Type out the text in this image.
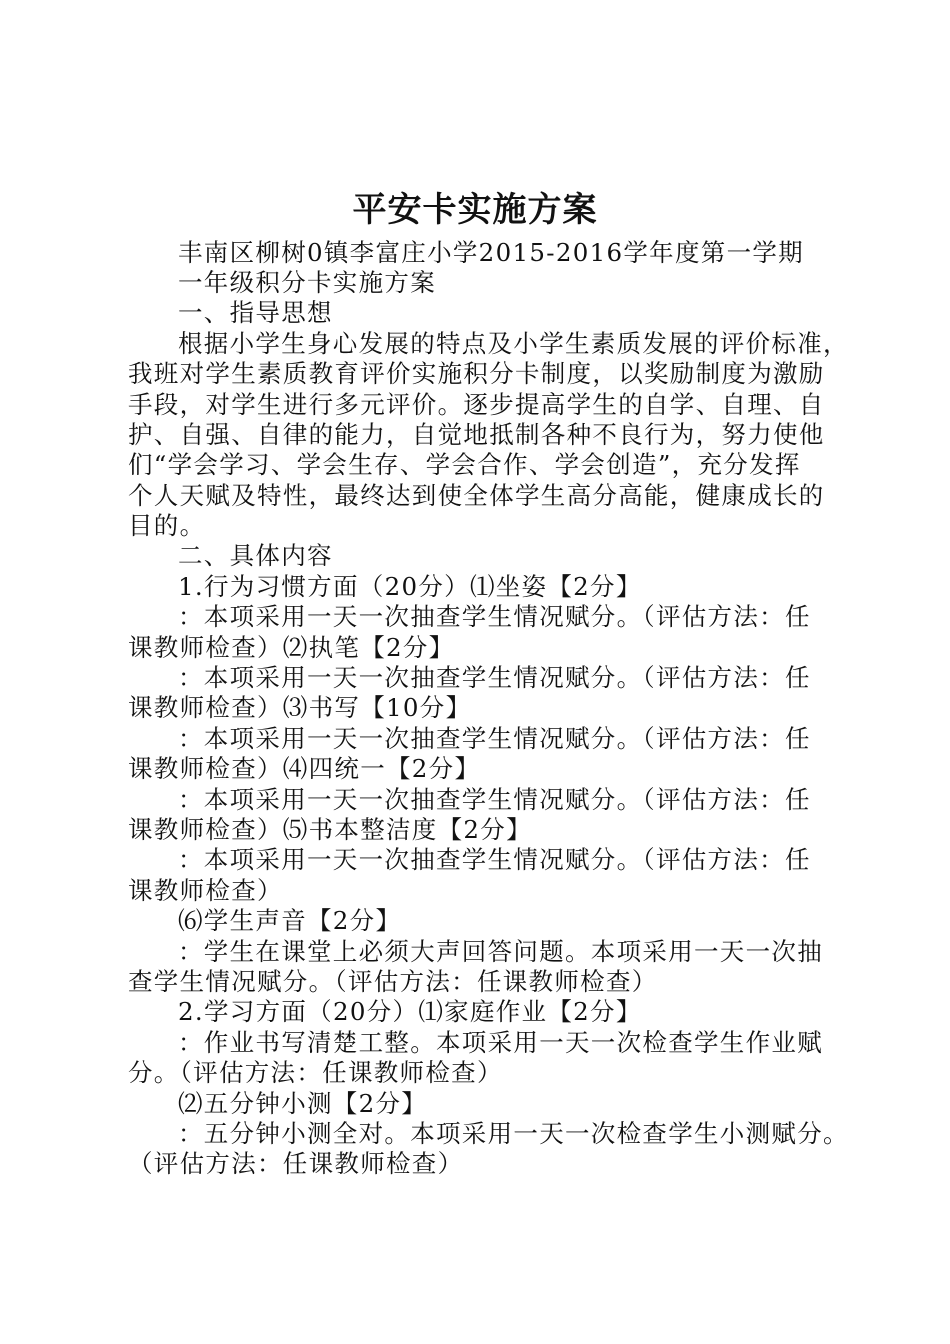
平安卡实施方案
丰南区柳树0镇李富庄小学2015-2016学年度第一学期
一年级积分卡实施方案
一、指导思想
根据小学生身心发展的特点及小学生素质发展的评价标准，
我班对学生素质教育评价实施积分卡制度，以奖励制度为激励
手段，对学生进行多元评价。逐步提高学生的自学、自理、自
护、自强、自律的能力，自觉地抵制各种不良行为，努力使他
们“学会学习、学会生存、学会合作、学会创造”，充分发挥
个人天赋及特性，最终达到使全体学生高分高能，健康成长的
目的。
二、具体内容
1.行为习惯方面（20分）⑴坐姿【2分】
：本项采用一天一次抽查学生情况赋分。（评估方法：任
课教师检查）⑵执笔【2分】
：本项采用一天一次抽查学生情况赋分。（评估方法：任
课教师检查）⑶书写【10分】
：本项采用一天一次抽查学生情况赋分。（评估方法：任
课教师检查）⑷四统一【2分】
：本项采用一天一次抽查学生情况赋分。（评估方法：任
课教师检查）⑸书本整洁度【2分】
：本项采用一天一次抽查学生情况赋分。（评估方法：任
课教师检查）
⑹学生声音【2分】
：学生在课堂上必须大声回答问题。本项采用一天一次抽
查学生情况赋分。（评估方法：任课教师检查）
2.学习方面（20分）⑴家庭作业【2分】
：作业书写清楚工整。本项采用一天一次检查学生作业赋
分。（评估方法：任课教师检查）
⑵五分钟小测【2分】
：五分钟小测全对。本项采用一天一次检查学生小测赋分。
（评估方法：任课教师检查）
